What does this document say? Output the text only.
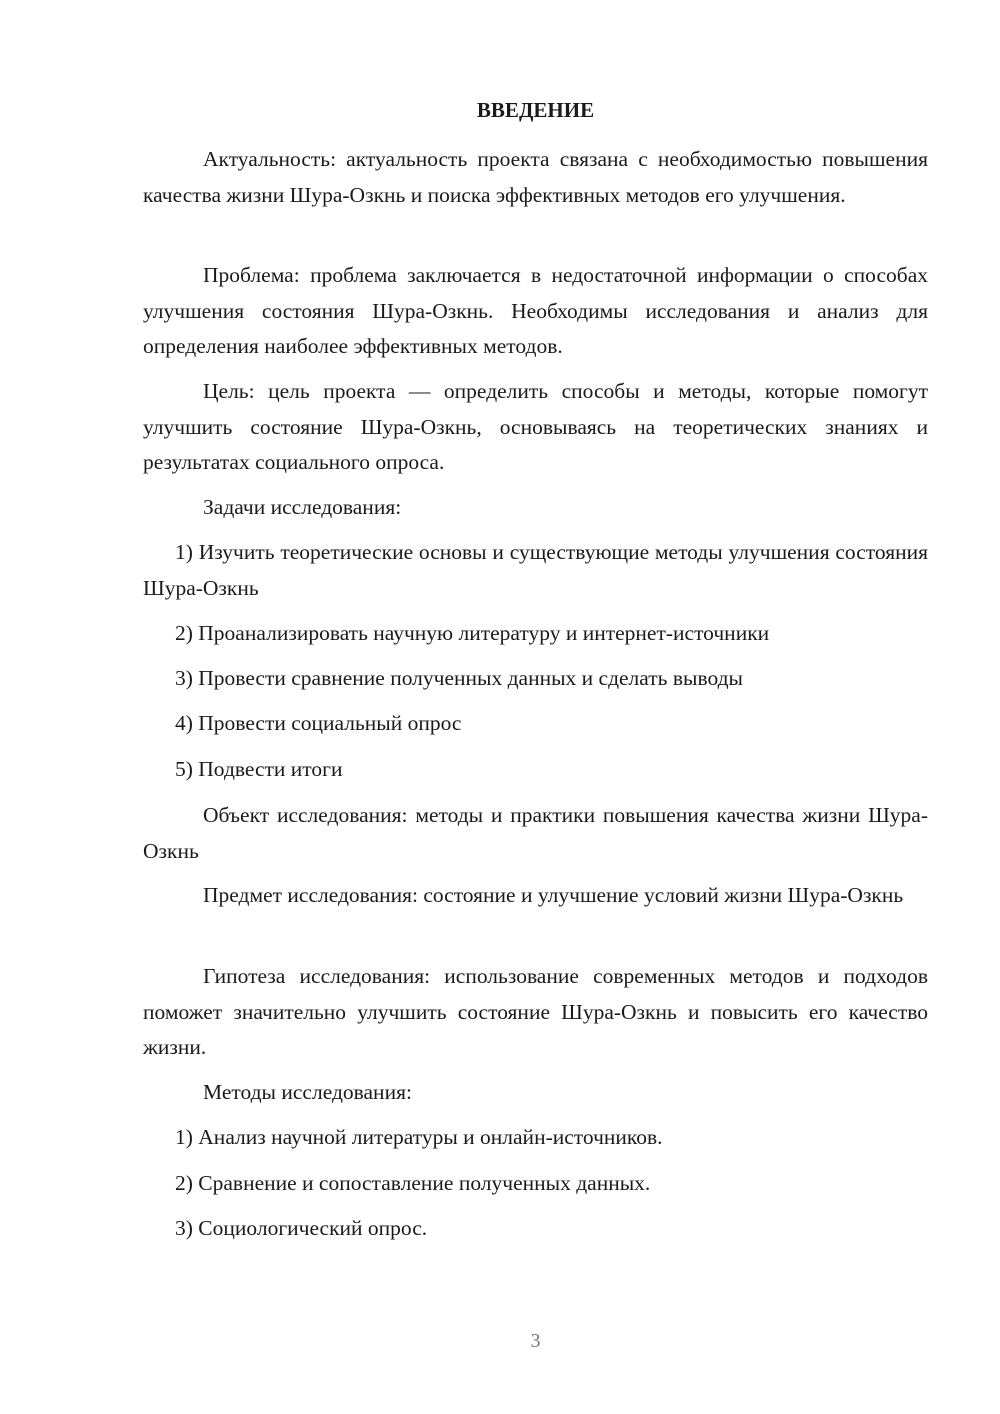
ВВЕДЕНИЕ

Актуальность: актуальность проекта связана с необходимостью повышения качества жизни Шура-Озкнь и поиска эффективных методов его улучшения.

Проблема: проблема заключается в недостаточной информации о способах улучшения состояния Шура-Озкнь. Необходимы исследования и анализ для определения наиболее эффективных методов.

Цель: цель проекта — определить способы и методы, которые помогут улучшить состояние Шура-Озкнь, основываясь на теоретических знаниях и результатах социального опроса.

Задачи исследования:

1) Изучить теоретические основы и существующие методы улучшения состояния Шура-Озкнь

2) Проанализировать научную литературу и интернет-источники

3) Провести сравнение полученных данных и сделать выводы

4) Провести социальный опрос

5) Подвести итоги

Объект исследования: методы и практики повышения качества жизни Шура-Озкнь

Предмет исследования: состояние и улучшение условий жизни Шура-Озкнь

Гипотеза исследования: использование современных методов и подходов поможет значительно улучшить состояние Шура-Озкнь и повысить его качество жизни.

Методы исследования:

1) Анализ научной литературы и онлайн-источников.

2) Сравнение и сопоставление полученных данных.

3) Социологический опрос.

3
